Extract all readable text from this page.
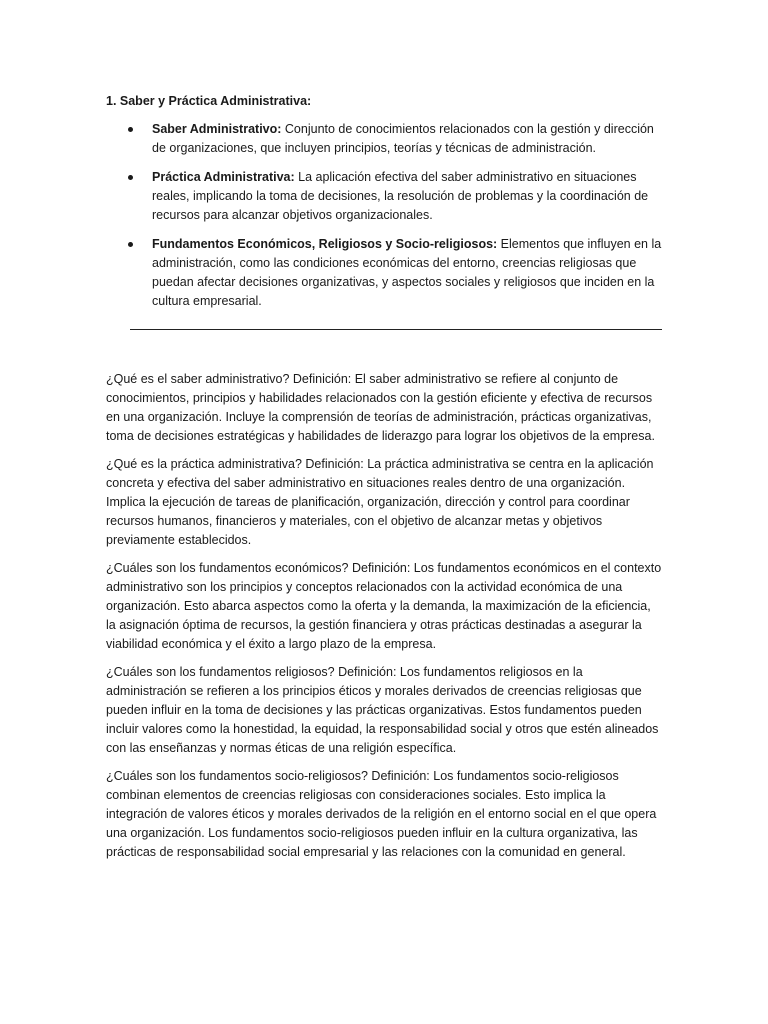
1. Saber y Práctica Administrativa:

Saber Administrativo: Conjunto de conocimientos relacionados con la gestión y dirección de organizaciones, que incluyen principios, teorías y técnicas de administración.
Práctica Administrativa: La aplicación efectiva del saber administrativo en situaciones reales, implicando la toma de decisiones, la resolución de problemas y la coordinación de recursos para alcanzar objetivos organizacionales.
Fundamentos Económicos, Religiosos y Socio-religiosos: Elementos que influyen en la administración, como las condiciones económicas del entorno, creencias religiosas que puedan afectar decisiones organizativas, y aspectos sociales y religiosos que inciden en la cultura empresarial.

¿Qué es el saber administrativo? Definición: El saber administrativo se refiere al conjunto de conocimientos, principios y habilidades relacionados con la gestión eficiente y efectiva de recursos en una organización. Incluye la comprensión de teorías de administración, prácticas organizativas, toma de decisiones estratégicas y habilidades de liderazgo para lograr los objetivos de la empresa.

¿Qué es la práctica administrativa? Definición: La práctica administrativa se centra en la aplicación concreta y efectiva del saber administrativo en situaciones reales dentro de una organización. Implica la ejecución de tareas de planificación, organización, dirección y control para coordinar recursos humanos, financieros y materiales, con el objetivo de alcanzar metas y objetivos previamente establecidos.

¿Cuáles son los fundamentos económicos? Definición: Los fundamentos económicos en el contexto administrativo son los principios y conceptos relacionados con la actividad económica de una organización. Esto abarca aspectos como la oferta y la demanda, la maximización de la eficiencia, la asignación óptima de recursos, la gestión financiera y otras prácticas destinadas a asegurar la viabilidad económica y el éxito a largo plazo de la empresa.

¿Cuáles son los fundamentos religiosos? Definición: Los fundamentos religiosos en la administración se refieren a los principios éticos y morales derivados de creencias religiosas que pueden influir en la toma de decisiones y las prácticas organizativas. Estos fundamentos pueden incluir valores como la honestidad, la equidad, la responsabilidad social y otros que estén alineados con las enseñanzas y normas éticas de una religión específica.

¿Cuáles son los fundamentos socio-religiosos? Definición: Los fundamentos socio-religiosos combinan elementos de creencias religiosas con consideraciones sociales. Esto implica la integración de valores éticos y morales derivados de la religión en el entorno social en el que opera una organización. Los fundamentos socio-religiosos pueden influir en la cultura organizativa, las prácticas de responsabilidad social empresarial y las relaciones con la comunidad en general.
